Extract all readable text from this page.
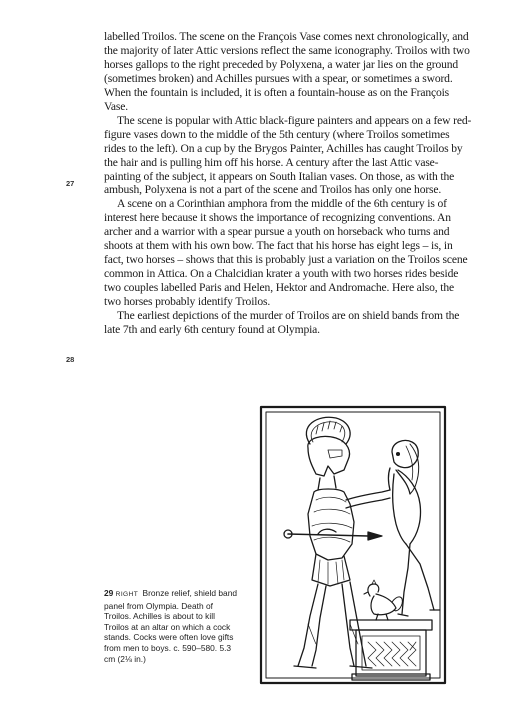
labelled Troilos. The scene on the François Vase comes next chronologically, and the majority of later Attic versions reflect the same iconography. Troilos with two horses gallops to the right preceded by Polyxena, a water jar lies on the ground (sometimes broken) and Achilles pursues with a spear, or sometimes a sword. When the fountain is included, it is often a fountain-house as on the François Vase.

The scene is popular with Attic black-figure painters and appears on a few red-figure vases down to the middle of the 5th century (where Troilos sometimes rides to the left). On a cup by the Brygos Painter, Achilles has caught Troilos by the hair and is pulling him off his horse. A century after the last Attic vase-painting of the subject, it appears on South Italian vases. On those, as with the ambush, Polyxena is not a part of the scene and Troilos has only one horse.

A scene on a Corinthian amphora from the middle of the 6th century is of interest here because it shows the importance of recognizing conventions. An archer and a warrior with a spear pursue a youth on horseback who turns and shoots at them with his own bow. The fact that his horse has eight legs – is, in fact, two horses – shows that this is probably just a variation on the Troilos scene common in Attica. On a Chalcidian krater a youth with two horses rides beside two couples labelled Paris and Helen, Hektor and Andromache. Here also, the two horses probably identify Troilos.

The earliest depictions of the murder of Troilos are on shield bands from the late 7th and early 6th century found at Olympia.

27
28
29 RIGHT Bronze relief, shield band panel from Olympia. Death of Troilos. Achilles is about to kill Troilos at an altar on which a cock stands. Cocks were often love gifts from men to boys. c. 590–580. 5.3 cm (2⅛ in.)
